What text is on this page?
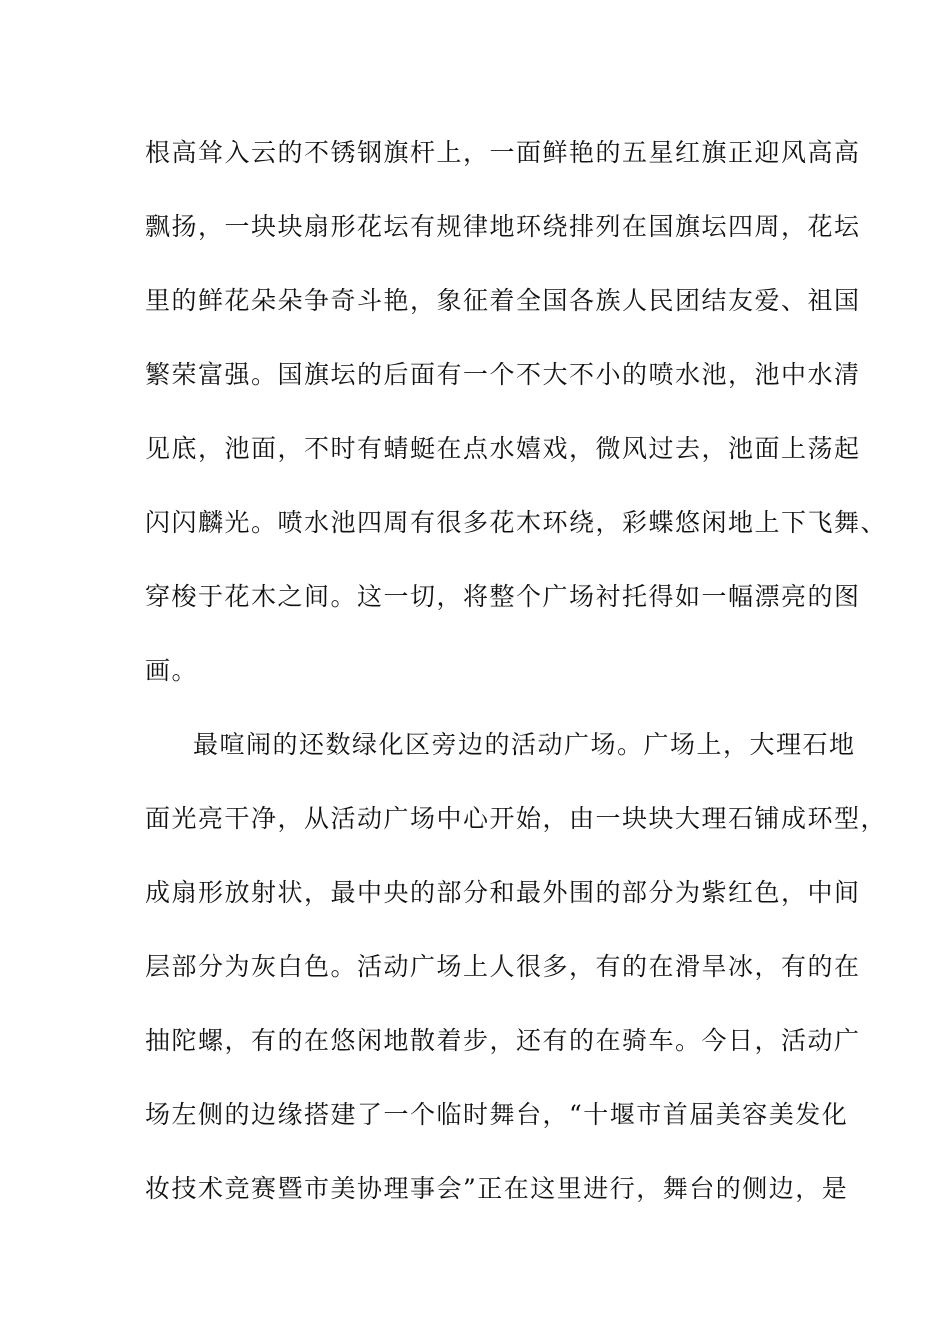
根高耸入云的不锈钢旗杆上，一面鲜艳的五星红旗正迎风高高
飘扬，一块块扇形花坛有规律地环绕排列在国旗坛四周，花坛
里的鲜花朵朵争奇斗艳，象征着全国各族人民团结友爱、祖国
繁荣富强。国旗坛的后面有一个不大不小的喷水池，池中水清
见底，池面，不时有蜻蜓在点水嬉戏，微风过去，池面上荡起
闪闪麟光。喷水池四周有很多花木环绕，彩蝶悠闲地上下飞舞、
穿梭于花木之间。这一切，将整个广场衬托得如一幅漂亮的图
画。
最喧闹的还数绿化区旁边的活动广场。广场上，大理石地
面光亮干净，从活动广场中心开始，由一块块大理石铺成环型，
成扇形放射状，最中央的部分和最外围的部分为紫红色，中间
层部分为灰白色。活动广场上人很多，有的在滑旱冰，有的在
抽陀螺，有的在悠闲地散着步，还有的在骑车。今日，活动广
场左侧的边缘搭建了一个临时舞台，“十堰市首届美容美发化
妆技术竞赛暨市美协理事会”正在这里进行，舞台的侧边，是
